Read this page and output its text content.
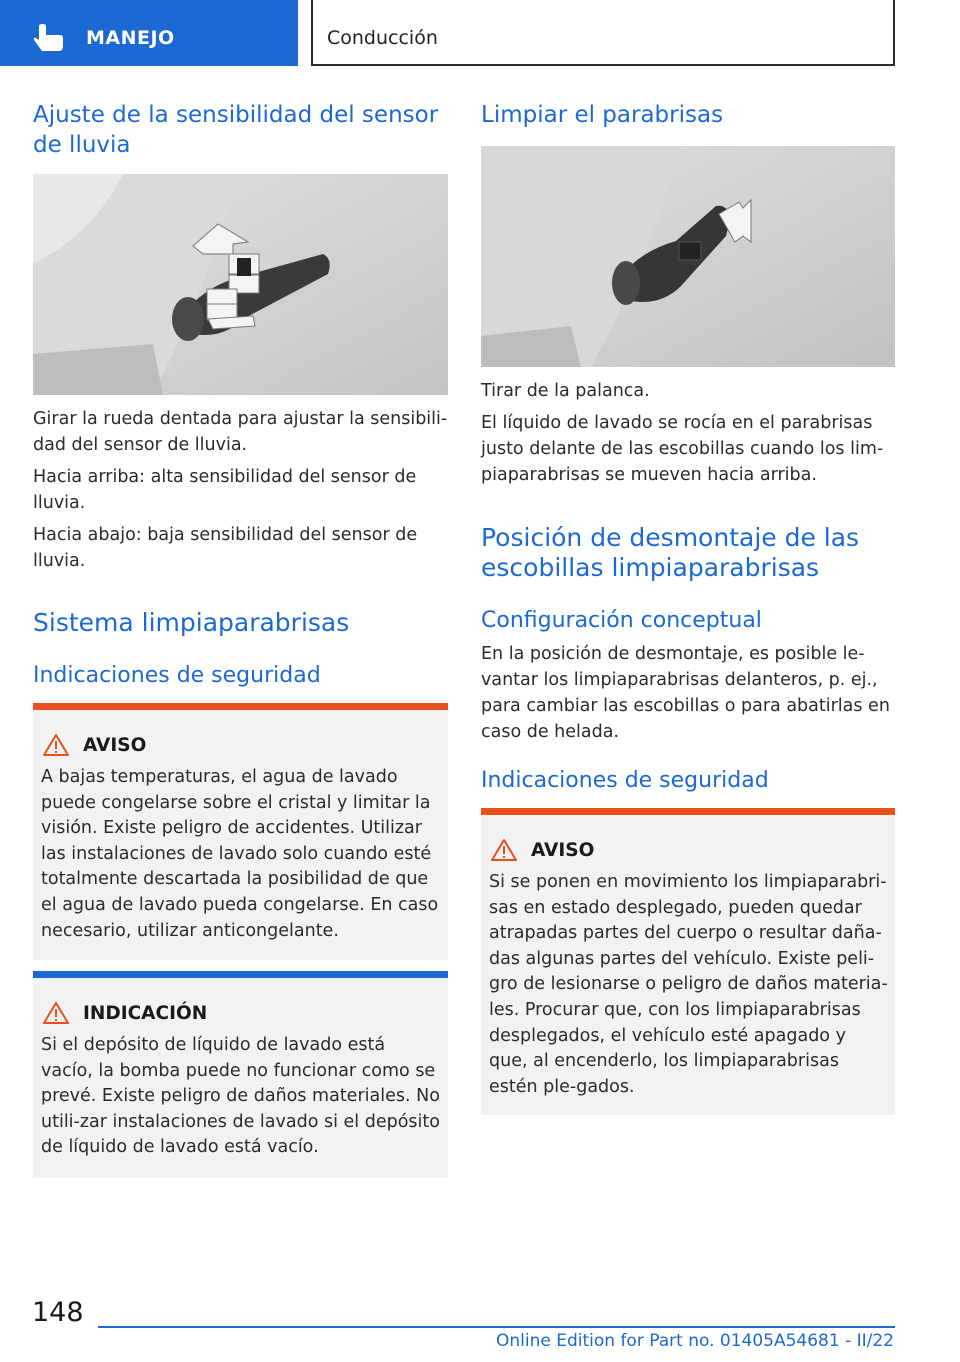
MANEJO	Conducción
Ajuste de la sensibilidad del sensor de lluvia

Girar la rueda dentada para ajustar la sensibili-dad del sensor de lluvia.

Hacia arriba: alta sensibilidad del sensor de lluvia.

Hacia abajo: baja sensibilidad del sensor de lluvia.

Sistema limpiaparabrisas
Indicaciones de seguridad
AVISO
A bajas temperaturas, el agua de lavado puede congelarse sobre el cristal y limitar la visión. Existe peligro de accidentes. Utilizar las instalaciones de lavado solo cuando esté totalmente descartada la posibilidad de que el agua de lavado pueda congelarse. En caso necesario, utilizar anticongelante.
INDICACIÓN
Si el depósito de líquido de lavado está vacío, la bomba puede no funcionar como se prevé. Existe peligro de daños materiales. No utili-zar instalaciones de lavado si el depósito de líquido de lavado está vacío.
Limpiar el parabrisas

Tirar de la palanca.

El líquido de lavado se rocía en el parabrisas justo delante de las escobillas cuando los lim-piaparabrisas se mueven hacia arriba.

Posición de desmontaje de las escobillas limpiaparabrisas
Configuración conceptual

En la posición de desmontaje, es posible le-vantar los limpiaparabrisas delanteros, p. ej., para cambiar las escobillas o para abatirlas en caso de helada.

Indicaciones de seguridad
AVISO
Si se ponen en movimiento los limpiaparabri-sas en estado desplegado, pueden quedar atrapadas partes del cuerpo o resultar daña-das algunas partes del vehículo. Existe peli-gro de lesionarse o peligro de daños materia-les. Procurar que, con los limpiaparabrisas desplegados, el vehículo esté apagado y que, al encenderlo, los limpiaparabrisas estén ple-gados.
148
Online Edition for Part no. 01405A54681 - II/22
